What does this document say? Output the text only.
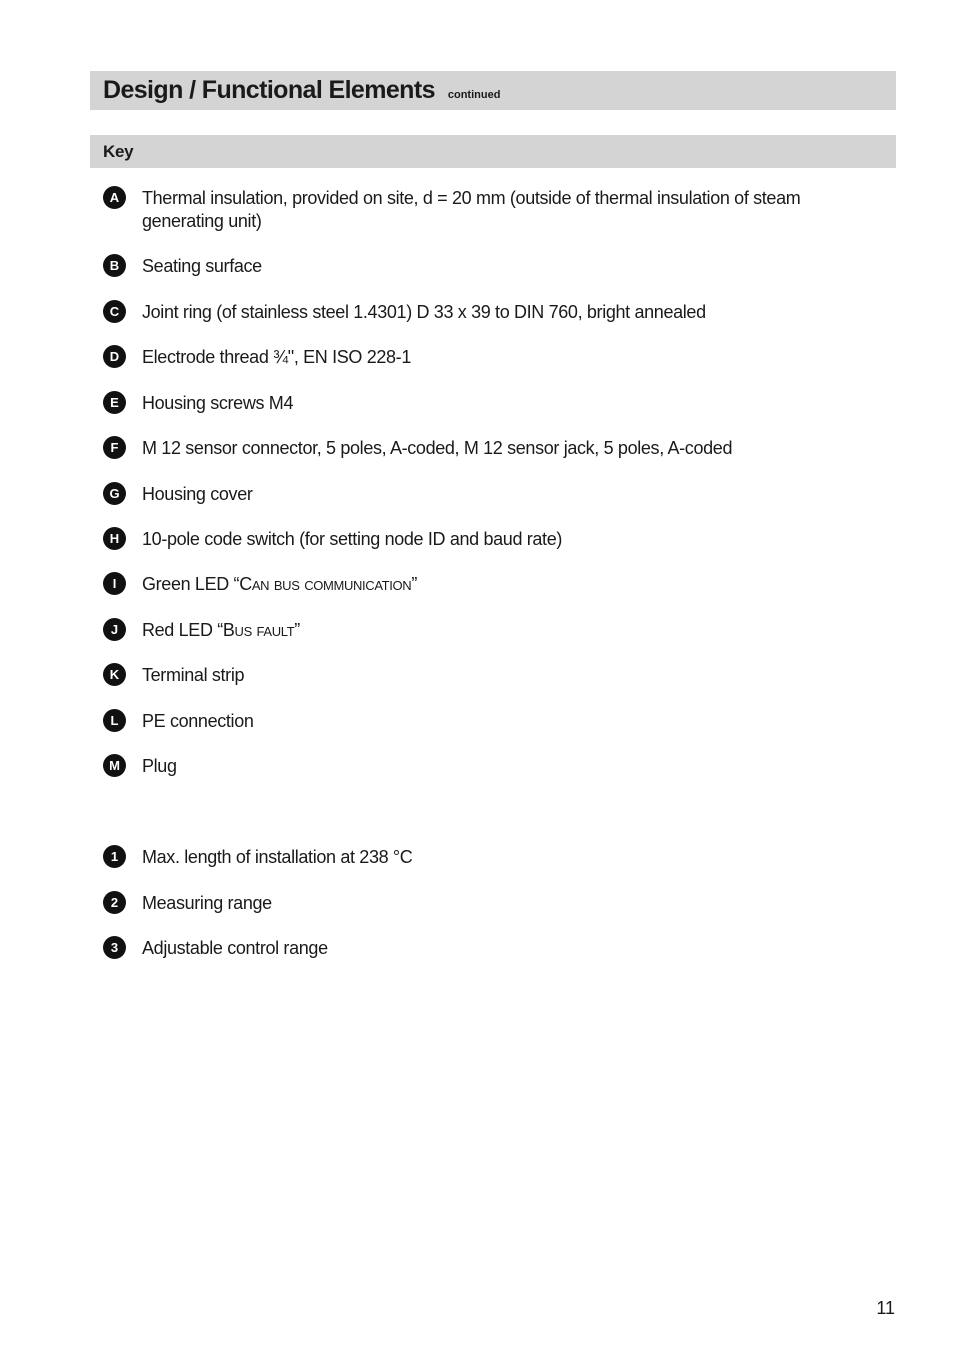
Design / Functional Elements continued
Key
A	Thermal insulation, provided on site, d = 20 mm (outside of thermal insulation of steam generating unit)
B	Seating surface
C	Joint ring (of stainless steel 1.4301) D 33 x 39 to DIN 760, bright annealed
D	Electrode thread ¾", EN ISO 228-1
E	Housing screws M4
F	M 12 sensor connector, 5 poles, A-coded, M 12 sensor jack, 5 poles, A-coded
G	Housing cover
H	10-pole code switch (for setting node ID and baud rate)
I	Green LED “Can bus communication”
J	Red LED “Bus fault”
K	Terminal strip
L	PE connection
M	Plug
1	Max. length of installation at 238 °C
2	Measuring range
3	Adjustable control range
11
